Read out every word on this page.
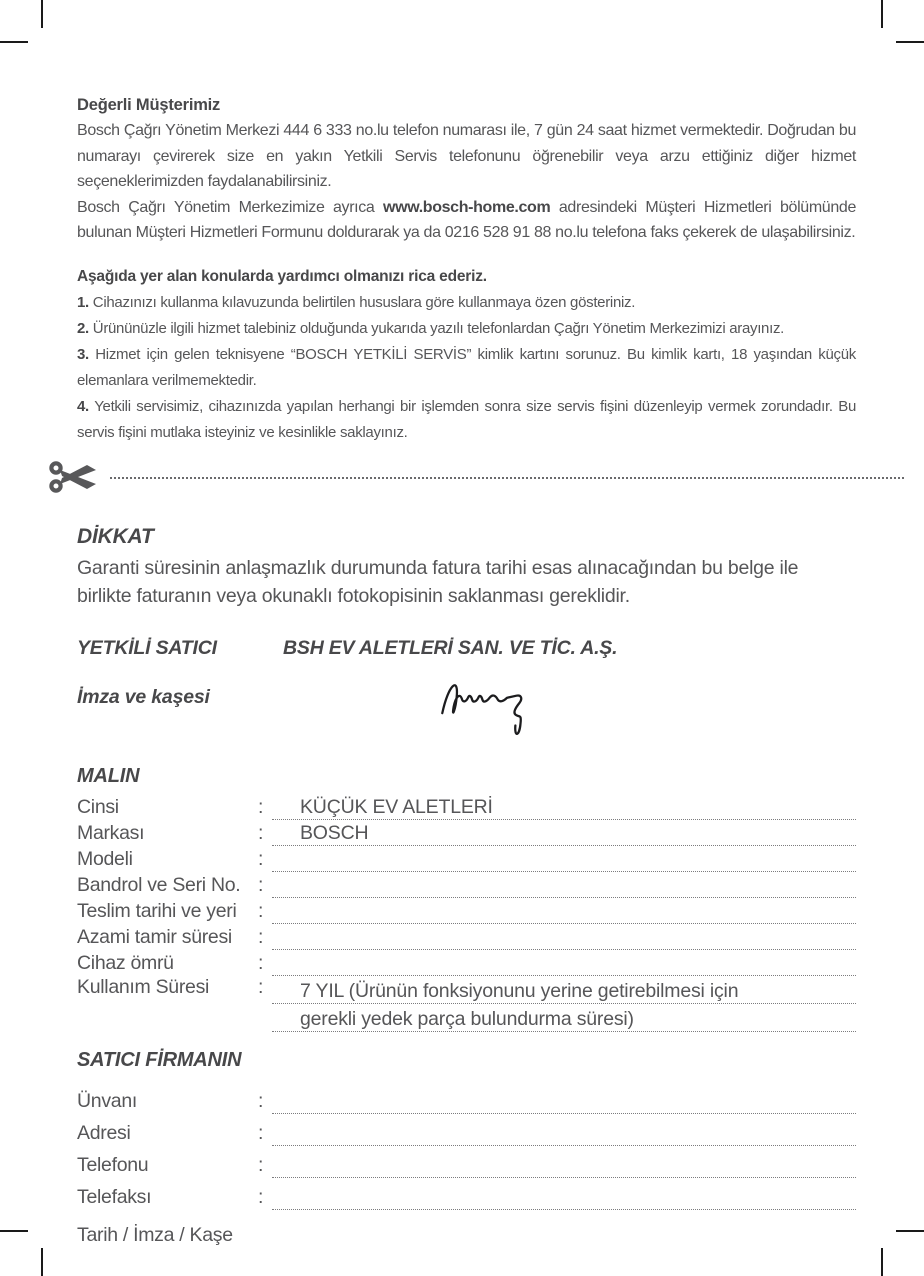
Değerli Müşterimiz

Bosch Çağrı Yönetim Merkezi 444 6 333 no.lu telefon numarası ile, 7 gün 24 saat hizmet vermektedir. Doğrudan bu numarayı çevirerek size en yakın Yetkili Servis telefonunu öğrenebilir veya arzu ettiğiniz diğer hizmet seçeneklerimizden faydalanabilirsiniz.

Bosch Çağrı Yönetim Merkezimize ayrıca www.bosch-home.com adresindeki Müşteri Hizmetleri bölümünde bulunan Müşteri Hizmetleri Formunu doldurarak ya da 0216 528 91 88 no.lu telefona faks çekerek de ulaşabilirsiniz.

Aşağıda yer alan konularda yardımcı olmanızı rica ederiz.

1. Cihazınızı kullanma kılavuzunda belirtilen hususlara göre kullanmaya özen gösteriniz.

2. Ürününüzle ilgili hizmet talebiniz olduğunda yukarıda yazılı telefonlardan Çağrı Yönetim Merkezimizi arayınız.

3. Hizmet için gelen teknisyene “BOSCH YETKİLİ SERVİS” kimlik kartını sorunuz. Bu kimlik kartı, 18 yaşından küçük elemanlara verilmemektedir.

4. Yetkili servisimiz, cihazınızda yapılan herhangi bir işlemden sonra size servis fişini düzenleyip vermek zorundadır. Bu servis fişini mutlaka isteyiniz ve kesinlikle saklayınız.

DİKKAT

Garanti süresinin anlaşmazlık durumunda fatura tarihi esas alınacağından bu belge ile birlikte faturanın veya okunaklı fotokopisinin saklanması gereklidir.

YETKİLİ SATICI	BSH EV ALETLERİ SAN. VE TİC. A.Ş.
İmza ve kaşesi

MALIN

Cinsi	:	KÜÇÜK EV ALETLERİ
Markası	:	BOSCH
Modeli	:
Bandrol ve Seri No. :
Teslim tarihi ve yeri	:
Azami tamir süresi	:
Cihaz ömrü	:
Kullanım Süresi	:	7 YIL (Ürünün fonksiyonunu yerine getirebilmesi için
gerekli yedek parça bulundurma süresi)

SATICI FİRMANIN

Ünvanı	:
Adresi	:
Telefonu	:
Telefaksı	:

Tarih / İmza / Kaşe
